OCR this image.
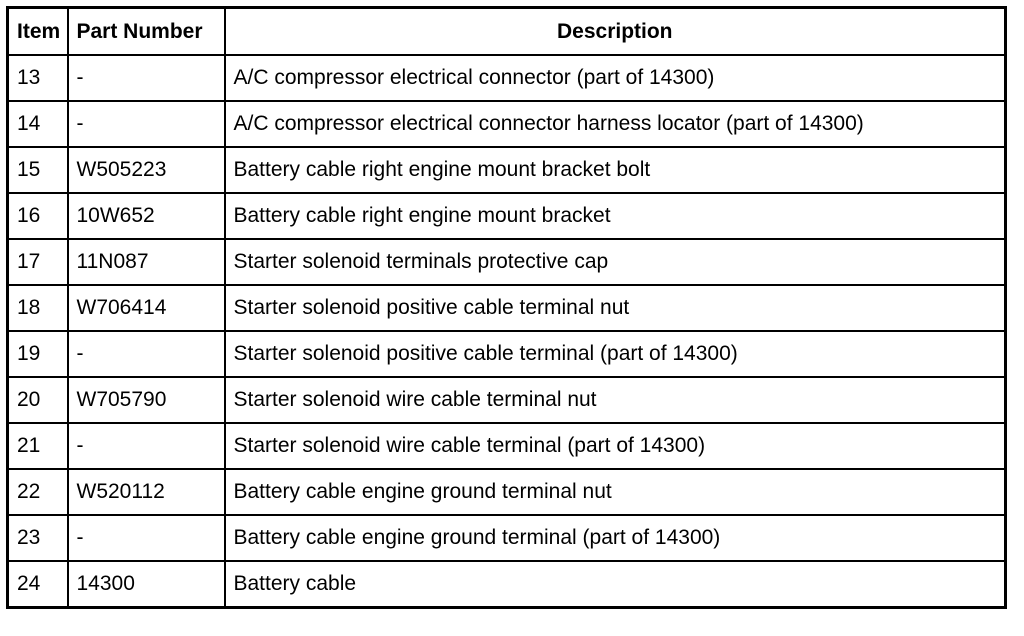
Item	Part Number	Description
13	-	A/C compressor electrical connector (part of 14300)
14	-	A/C compressor electrical connector harness locator (part of 14300)
15	W505223	Battery cable right engine mount bracket bolt
16	10W652	Battery cable right engine mount bracket
17	11N087	Starter solenoid terminals protective cap
18	W706414	Starter solenoid positive cable terminal nut
19	-	Starter solenoid positive cable terminal (part of 14300)
20	W705790	Starter solenoid wire cable terminal nut
21	-	Starter solenoid wire cable terminal (part of 14300)
22	W520112	Battery cable engine ground terminal nut
23	-	Battery cable engine ground terminal (part of 14300)
24	14300	Battery cable
